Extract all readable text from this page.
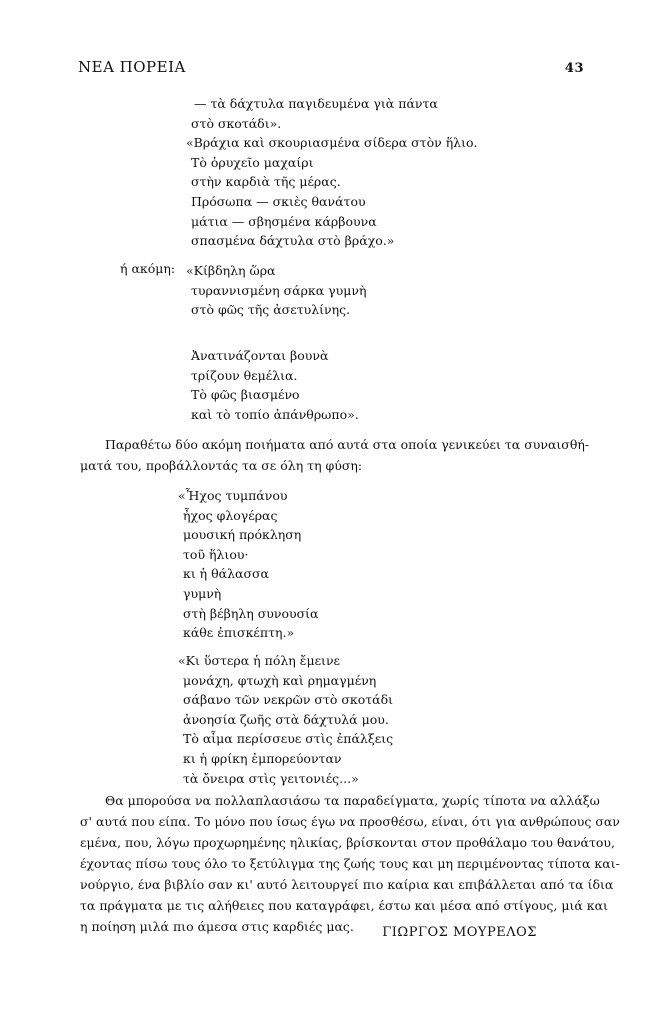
ΝΕΑ ΠΟΡΕΙΑ	43
— τὰ δάχτυλα παγιδευμένα γιὰ πάντα
στὸ σκοτάδι».
«Βράχια καὶ σκουριασμένα σίδερα στὸν ἥλιο.
Τὸ ὀρυχεῖο μαχαίρι
στὴν καρδιὰ τῆς μέρας.
Πρόσωπα — σκιὲς θανάτου
μάτια — σβησμένα κάρβουνα
σπασμένα δάχτυλα στὸ βράχο.»
ή ακόμη: «Κίβδηλη ὥρα
τυραννισμένη σάρκα γυμνὴ
στὸ φῶς τῆς ἀσετυλίνης.
Ἀνατινάζονται βουνὰ
τρίζουν θεμέλια.
Τὸ φῶς βιασμένο
καὶ τὸ τοπίο ἀπάνθρωπο».
Παραθέτω δύο ακόμη ποιήματα από αυτά στα οποία γενικεύει τα συναισθή-
ματά του, προβάλλοντάς τα σε όλη τη φύση:
«Ἦχος τυμπάνου
ἦχος φλογέρας
μουσική πρόκληση
τοῦ ἥλιου·
κι ἡ θάλασσα
γυμνὴ
στὴ βέβηλη συνουσία
κάθε ἐπισκέπτη.»
«Κι ὕστερα ἡ πόλη ἔμεινε
μονάχη, φτωχὴ καὶ ρημαγμένη
σάβανο τῶν νεκρῶν στὸ σκοτάδι
ἀνοησία ζωῆς στὰ δάχτυλά μου.
Τὸ αἷμα περίσσευε στὶς ἐπάλξεις
κι ἡ φρίκη ἐμπορεύονταν
τὰ ὄνειρα στὶς γειτονιές...»
Θα μπορούσα να πολλαπλασιάσω τα παραδείγματα, χωρίς τίποτα να αλλάξω
σ' αυτά που είπα. Το μόνο που ίσως έγω να προσθέσω, είναι, ότι για ανθρώπους σαν
εμένα, που, λόγω προχωρημένης ηλικίας, βρίσκονται στον προθάλαμο του θανάτου,
έχοντας πίσω τους όλο το ξετύλιγμα της ζωής τους και μη περιμένοντας τίποτα και-
νούργιο, ένα βιβλίο σαν κι' αυτό λειτουργεί πιο καίρια και επιβάλλεται από τα ίδια
τα πράγματα με τις αλήθειες που καταγράφει, έστω και μέσα από στίγους, μιά και
η ποίηση μιλά πιο άμεσα στις καρδιές μας.	ΓΙΩΡΓΟΣ ΜΟΥΡΕΛΟΣ
